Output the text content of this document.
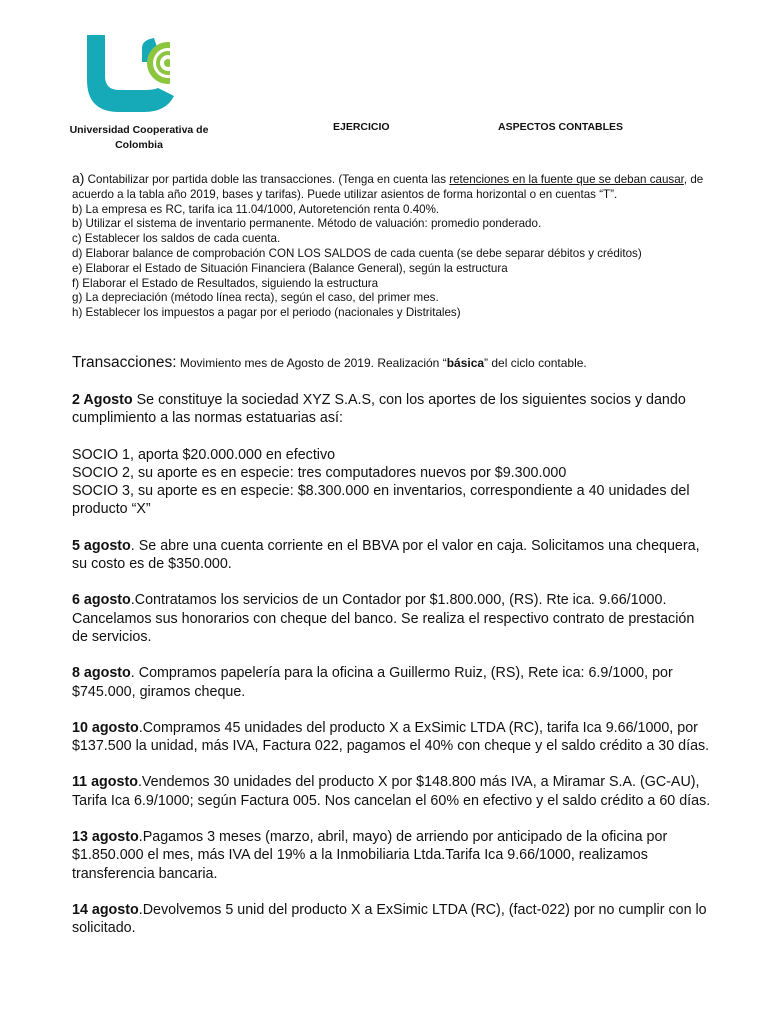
Universidad Cooperativa de Colombia
EJERCICIO	ASPECTOS CONTABLES

a) Contabilizar por partida doble las transacciones. (Tenga en cuenta las retenciones en la fuente que se deban causar, de acuerdo a la tabla año 2019, bases y tarifas). Puede utilizar asientos de forma horizontal o en cuentas “T”.

b) La empresa es RC, tarifa ica 11.04/1000, Autoretención renta 0.40%.

b) Utilizar el sistema de inventario permanente. Método de valuación: promedio ponderado.

c) Establecer los saldos de cada cuenta.

d) Elaborar balance de comprobación CON LOS SALDOS de cada cuenta (se debe separar débitos y créditos)

e) Elaborar el Estado de Situación Financiera (Balance General), según la estructura

f) Elaborar el Estado de Resultados, siguiendo la estructura

g) La depreciación (método línea recta), según el caso, del primer mes.

h) Establecer los impuestos a pagar por el periodo (nacionales y Distritales)

Transacciones: Movimiento mes de Agosto de 2019. Realización “básica” del ciclo contable.

2 Agosto Se constituye la sociedad XYZ S.A.S, con los aportes de los siguientes socios y dando cumplimiento a las normas estatuarias así:

SOCIO 1, aporta $20.000.000 en efectivo

SOCIO 2, su aporte es en especie: tres computadores nuevos por $9.300.000

SOCIO 3, su aporte es en especie: $8.300.000 en inventarios, correspondiente a 40 unidades del producto “X”

5 agosto. Se abre una cuenta corriente en el BBVA por el valor en caja. Solicitamos una chequera, su costo es de $350.000.

6 agosto.Contratamos los servicios de un Contador por $1.800.000, (RS). Rte ica. 9.66/1000. Cancelamos sus honorarios con cheque del banco. Se realiza el respectivo contrato de prestación de servicios.

8 agosto. Compramos papelería para la oficina a Guillermo Ruiz, (RS), Rete ica: 6.9/1000, por $745.000, giramos cheque.

10 agosto.Compramos 45 unidades del producto X a ExSimic LTDA (RC), tarifa Ica 9.66/1000, por $137.500 la unidad, más IVA, Factura 022, pagamos el 40% con cheque y el saldo crédito a 30 días.

11 agosto.Vendemos 30 unidades del producto X por $148.800 más IVA, a Miramar S.A. (GC-AU), Tarifa Ica 6.9/1000; según Factura 005. Nos cancelan el 60% en efectivo y el saldo crédito a 60 días.

13 agosto.Pagamos 3 meses (marzo, abril, mayo) de arriendo por anticipado de la oficina por $1.850.000 el mes, más IVA del 19% a la Inmobiliaria Ltda.Tarifa Ica 9.66/1000, realizamos transferencia bancaria.

14 agosto.Devolvemos 5 unid del producto X a ExSimic LTDA (RC), (fact-022) por no cumplir con lo solicitado.
